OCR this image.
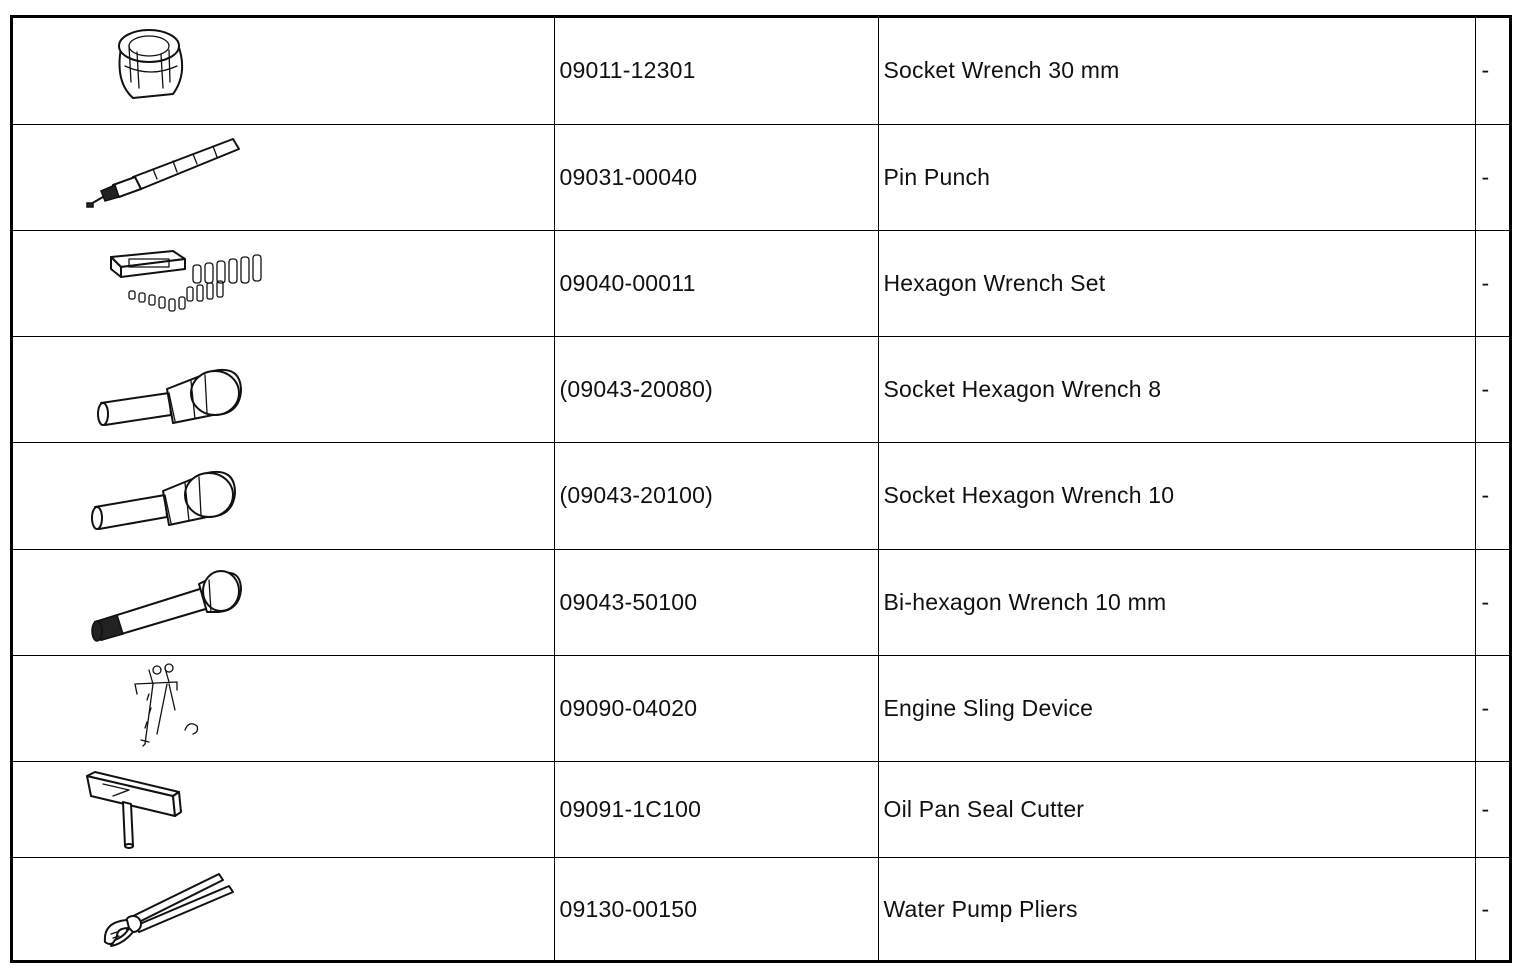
	09011-12301	Socket Wrench 30 mm	-

	09031-00040	Pin Punch	-

	09040-00011	Hexagon Wrench Set	-

	(09043-20080)	Socket Hexagon Wrench 8	-

	(09043-20100)	Socket Hexagon Wrench 10	-

	09043-50100	Bi-hexagon Wrench 10 mm	-

	09090-04020	Engine Sling Device	-

	09091-1C100	Oil Pan Seal Cutter	-

	09130-00150	Water Pump Pliers	-
